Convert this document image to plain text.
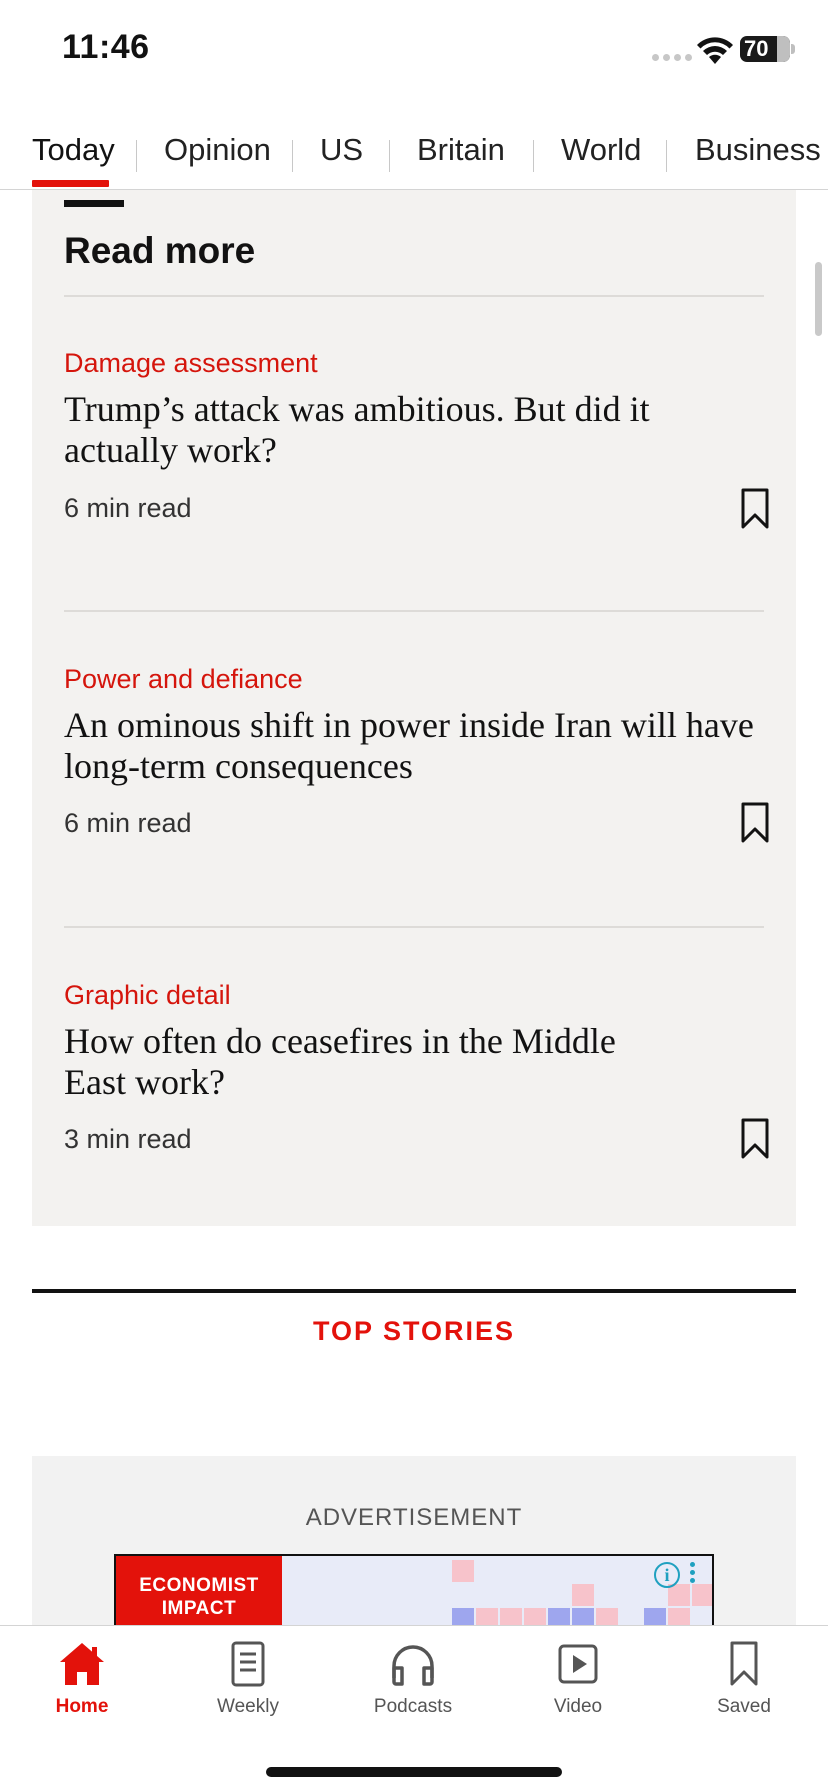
11:46	70
Today Opinion US Britain World Business
Read more
Damage assessment
Trump’s attack was ambitious. But did it actually work?
6 min read
Power and defiance
An ominous shift in power inside Iran will have long-term consequences
6 min read
Graphic detail
How often do ceasefires in the Middle East work?
3 min read
TOP STORIES
ADVERTISEMENT
ECONOMIST
IMPACT
i
Home	Weekly	Podcasts	Video	Saved
